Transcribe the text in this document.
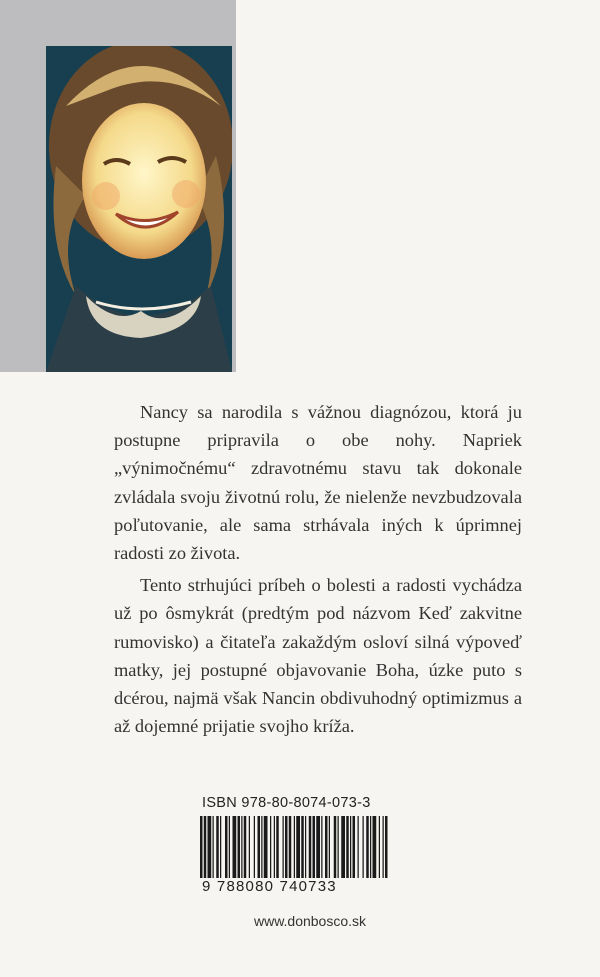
Nancy sa narodila s vážnou diagnózou, ktorá ju postupne pripravila o obe nohy. Napriek „výnimočnému“ zdravotnému stavu tak dokonale zvládala svoju životnú rolu, že nielenže nevzbudzovala poľutovanie, ale sama strhávala iných k úprimnej radosti zo života.

Tento strhujúci príbeh o bolesti a radosti vychádza už po ôsmykrát (predtým pod názvom Keď zakvitne rumovisko) a čitateľa zakaždým osloví silná výpoveď matky, jej postupné objavovanie Boha, úzke puto s dcérou, najmä však Nancin obdivuhodný optimizmus a až dojemné prijatie svojho kríža.

ISBN 978-80-8074-073-3
9 788080 740733
www.donbosco.sk
